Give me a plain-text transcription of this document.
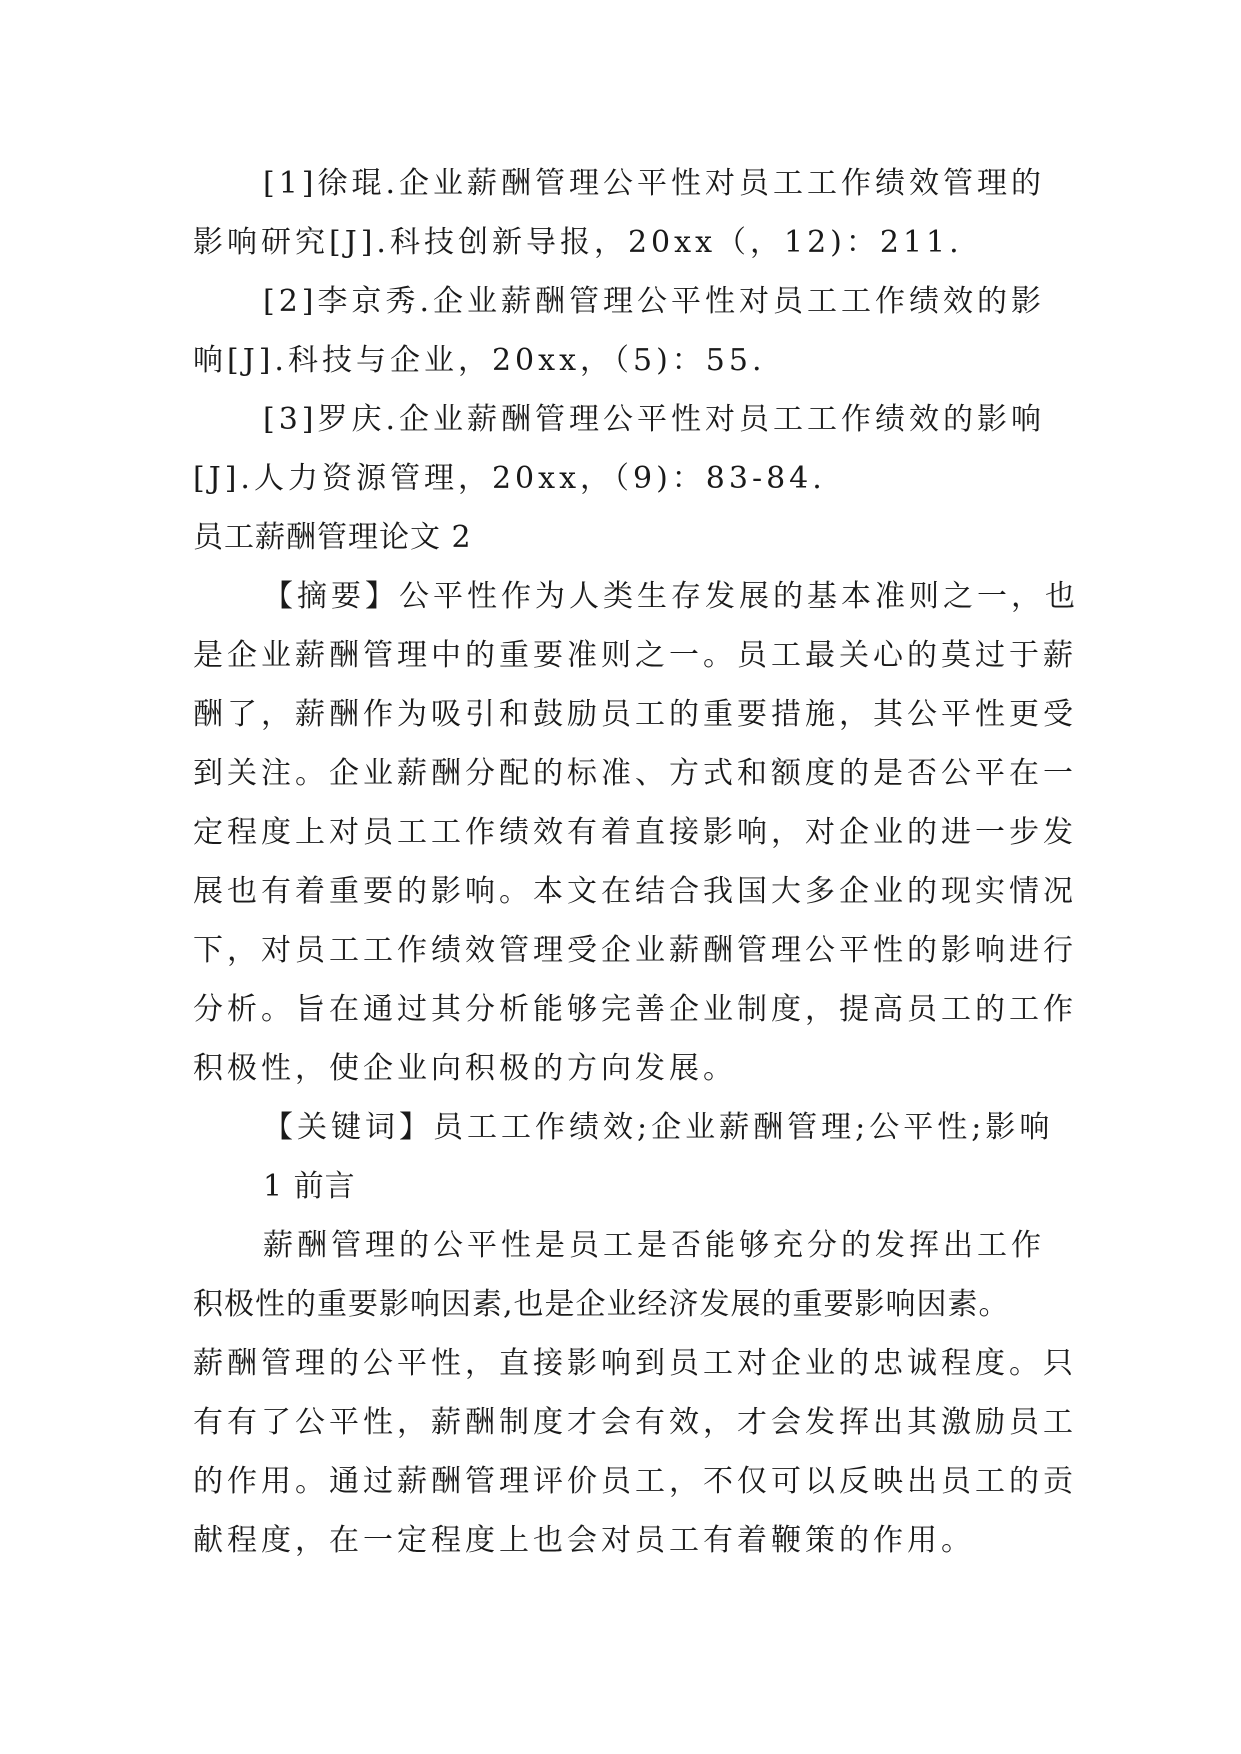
[1]徐琨.企业薪酬管理公平性对员工工作绩效管理的

影响研究[J].科技创新导报，20xx（，12)：211.

[2]李京秀.企业薪酬管理公平性对员工工作绩效的影

响[J].科技与企业，20xx，（5)：55.

[3]罗庆.企业薪酬管理公平性对员工工作绩效的影响

[J].人力资源管理，20xx，（9)：83-84.

员工薪酬管理论文 2

【摘要】公平性作为人类生存发展的基本准则之一，也

是企业薪酬管理中的重要准则之一。员工最关心的莫过于薪

酬了，薪酬作为吸引和鼓励员工的重要措施，其公平性更受

到关注。企业薪酬分配的标准、方式和额度的是否公平在一

定程度上对员工工作绩效有着直接影响，对企业的进一步发

展也有着重要的影响。本文在结合我国大多企业的现实情况

下，对员工工作绩效管理受企业薪酬管理公平性的影响进行

分析。旨在通过其分析能够完善企业制度，提高员工的工作

积极性，使企业向积极的方向发展。

【关键词】员工工作绩效;企业薪酬管理;公平性;影响

1 前言

薪酬管理的公平性是员工是否能够充分的发挥出工作

积极性的重要影响因素,也是企业经济发展的重要影响因素。

薪酬管理的公平性，直接影响到员工对企业的忠诚程度。只

有有了公平性，薪酬制度才会有效，才会发挥出其激励员工

的作用。通过薪酬管理评价员工，不仅可以反映出员工的贡

献程度，在一定程度上也会对员工有着鞭策的作用。
